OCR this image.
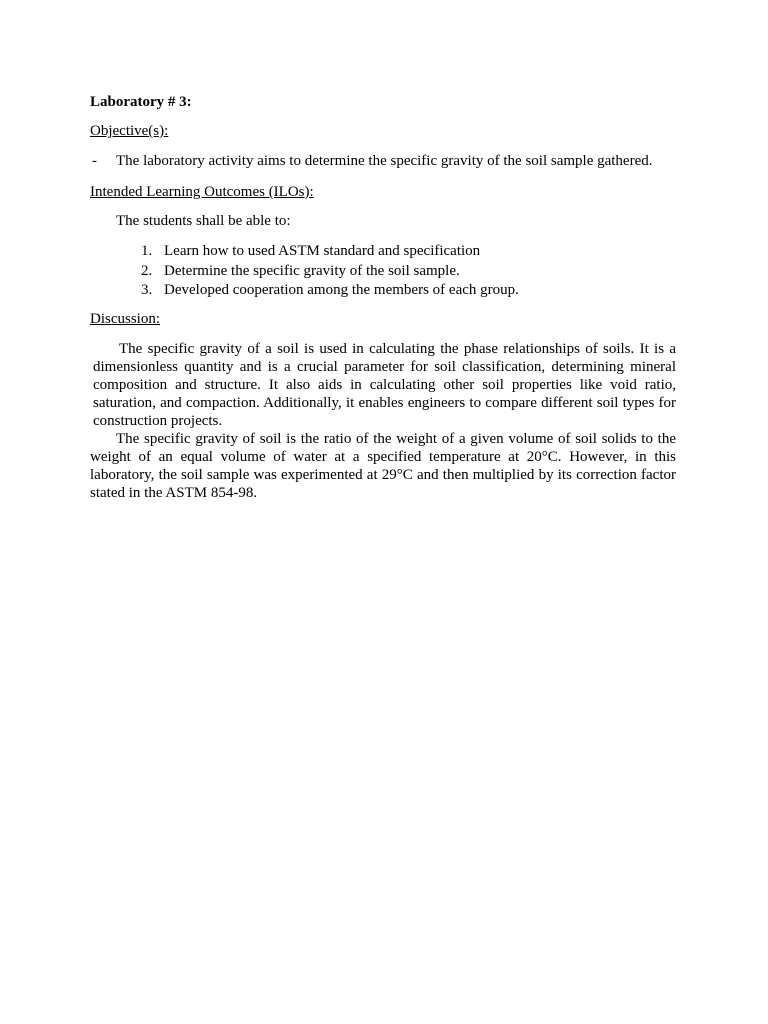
Laboratory # 3:
Objective(s):
- The laboratory activity aims to determine the specific gravity of the soil sample gathered.
Intended Learning Outcomes (ILOs):
The students shall be able to:
1. Learn how to used ASTM standard and specification
2. Determine the specific gravity of the soil sample.
3. Developed cooperation among the members of each group.
Discussion:

The specific gravity of a soil is used in calculating the phase relationships of soils. It is a dimensionless quantity and is a crucial parameter for soil classification, determining mineral composition and structure. It also aids in calculating other soil properties like void ratio, saturation, and compaction. Additionally, it enables engineers to compare different soil types for construction projects.

The specific gravity of soil is the ratio of the weight of a given volume of soil solids to the weight of an equal volume of water at a specified temperature at 20°C. However, in this laboratory, the soil sample was experimented at 29°C and then multiplied by its correction factor stated in the ASTM 854-98.
